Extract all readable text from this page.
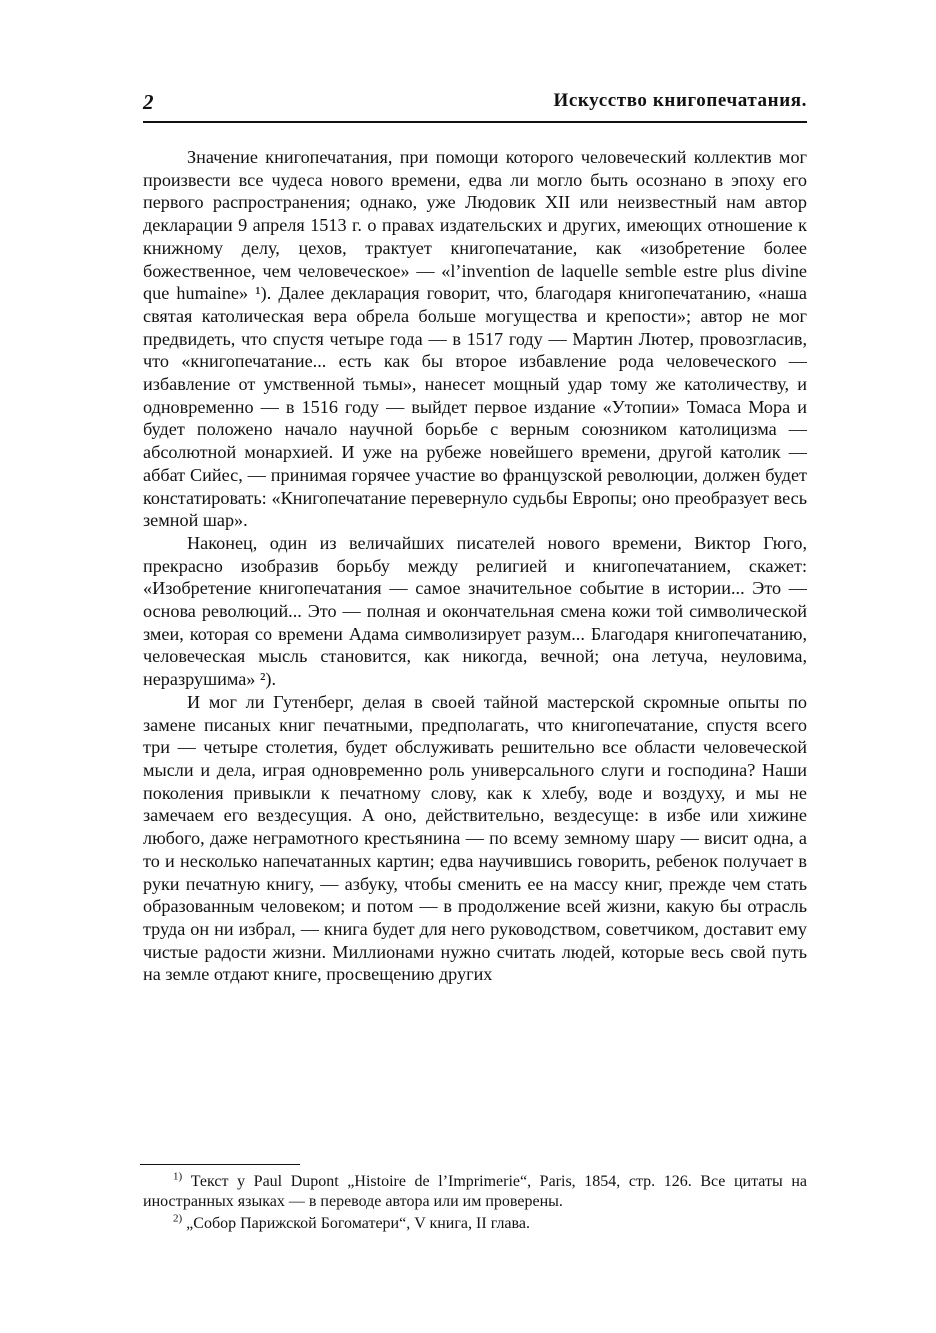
2	Искусство книгопечатания.

Значение книгопечатания, при помощи которого человеческий коллектив мог произвести все чудеса нового времени, едва ли могло быть осознано в эпоху его первого распространения; однако, уже Людовик XII или неизвестный нам автор декларации 9 апреля 1513 г. о правах издательских и других, имеющих отношение к книжному делу, цехов, трактует книгопечатание, как «изобретение более божественное, чем человеческое» — «l’invention de laquelle semble estre plus divine que humaine» ¹). Далее декларация говорит, что, благодаря книгопечатанию, «наша святая католическая вера обрела больше могущества и крепости»; автор не мог предвидеть, что спустя четыре года — в 1517 году — Мартин Лютер, провозгласив, что «книгопечатание... есть как бы второе избавление рода человеческого — избавление от умственной тьмы», нанесет мощный удар тому же католичеству, и одновременно — в 1516 году — выйдет первое издание «Утопии» Томаса Мора и будет положено начало научной борьбе с верным союзником католицизма — абсолютной монархией. И уже на рубеже новейшего времени, другой католик — аббат Сийес, — принимая горячее участие во французской революции, должен будет констатировать: «Книгопечатание перевернуло судьбы Европы; оно преобразует весь земной шар».

Наконец, один из величайших писателей нового времени, Виктор Гюго, прекрасно изобразив борьбу между религией и книгопечатанием, скажет: «Изобретение книгопечатания — самое значительное событие в истории... Это — основа революций... Это — полная и окончательная смена кожи той символической змеи, которая со времени Адама символизирует разум... Благодаря книгопечатанию, человеческая мысль становится, как никогда, вечной; она летуча, неуловима, неразрушима» ²).

И мог ли Гутенберг, делая в своей тайной мастерской скромные опыты по замене писаных книг печатными, предполагать, что книгопечатание, спустя всего три — четыре столетия, будет обслуживать решительно все области человеческой мысли и дела, играя одновременно роль универсального слуги и господина? Наши поколения привыкли к печатному слову, как к хлебу, воде и воздуху, и мы не замечаем его вездесущия. А оно, действительно, вездесуще: в избе или хижине любого, даже неграмотного крестьянина — по всему земному шару — висит одна, а то и несколько напечатанных картин; едва научившись говорить, ребенок получает в руки печатную книгу, — азбуку, чтобы сменить ее на массу книг, прежде чем стать образованным человеком; и потом — в продолжение всей жизни, какую бы отрасль труда он ни избрал, — книга будет для него руководством, советчиком, доставит ему чистые радости жизни. Миллионами нужно считать людей, которые весь свой путь на земле отдают книге, просвещению других

$^{1)}$ Текст у Paul Dupont „Histoire de l’Imprimerie“, Paris, 1854, стр. 126. Все цитаты на иностранных языках — в переводе автора или им проверены.

$^{2)}$ „Собор Парижской Богоматери“, V книга, II глава.
